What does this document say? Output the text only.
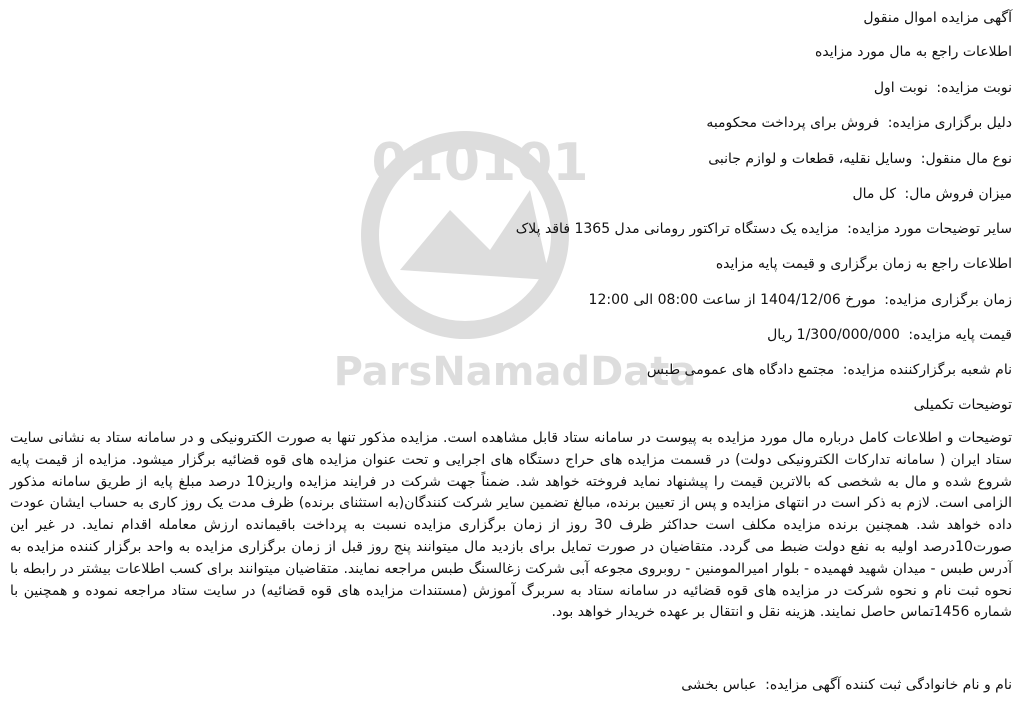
010101
ParsNamadData
آگهی مزایده اموال منقول
اطلاعات راجع به مال مورد مزایده
نوبت مزایده: نوبت اول
دلیل برگزاری مزایده: فروش برای پرداخت محکومبه
نوع مال منقول: وسایل نقلیه، قطعات و لوازم جانبی
میزان فروش مال: کل مال
سایر توضیحات مورد مزایده: مزایده یک دستگاه تراکتور رومانی مدل 1365 فاقد پلاک
اطلاعات راجع به زمان برگزاری و قیمت پایه مزایده
زمان برگزاری مزایده: مورخ 1404/12/06 از ساعت 08:00 الی 12:00
قیمت پایه مزایده: 1/300/000/000 ریال
نام شعبه برگزارکننده مزایده: مجتمع دادگاه های عمومی طبس
توضیحات تکمیلی
توضیحات و اطلاعات کامل درباره مال مورد مزایده به پیوست در سامانه ستاد قابل مشاهده است. مزایده مذکور تنها به صورت الکترونیکی و در سامانه ستاد به نشانی سایت ستاد ایران ( سامانه تدارکات الکترونیکی دولت) در قسمت مزایده های حراج دستگاه های اجرایی و تحت عنوان مزایده های قوه قضائیه برگزار میشود. مزایده از قیمت پایه شروع شده و مال به شخصی که بالاترین قیمت را پیشنهاد نماید فروخته خواهد شد. ضمناً جهت شرکت در فرایند مزایده واریز10 درصد مبلغ پایه از طریق سامانه مذکور الزامی است. لازم به ذکر است در انتهای مزایده و پس از تعیین برنده، مبالغ تضمین سایر شرکت کنندگان(به استثنای برنده) ظرف مدت یک روز کاری به حساب ایشان عودت داده خواهد شد. همچنین برنده مزایده مکلف است حداکثر ظرف 30 روز از زمان برگزاری مزایده نسبت به پرداخت باقیمانده ارزش معامله اقدام نماید. در غیر این صورت10درصد اولیه به نفع دولت ضبط می گردد. متقاضیان در صورت تمایل برای بازدید مال میتوانند پنج روز قبل از زمان برگزاری مزایده به واحد برگزار کننده مزایده به آدرس طبس - میدان شهید فهمیده - بلوار امیرالمومنین - روبروی مجوعه آبی شرکت زغالسنگ طبس مراجعه نمایند. متقاضیان میتوانند برای کسب اطلاعات بیشتر در رابطه با نحوه ثبت نام و نحوه شرکت در مزایده های قوه قضائیه در سامانه ستاد به سربرگ آموزش (مستندات مزایده های قوه قضائیه) در سایت ستاد مراجعه نموده و همچنین با شماره 1456تماس حاصل نمایند. هزینه نقل و انتقال بر عهده خریدار خواهد بود.
نام و نام خانوادگی ثبت کننده آگهی مزایده: عباس بخشی
